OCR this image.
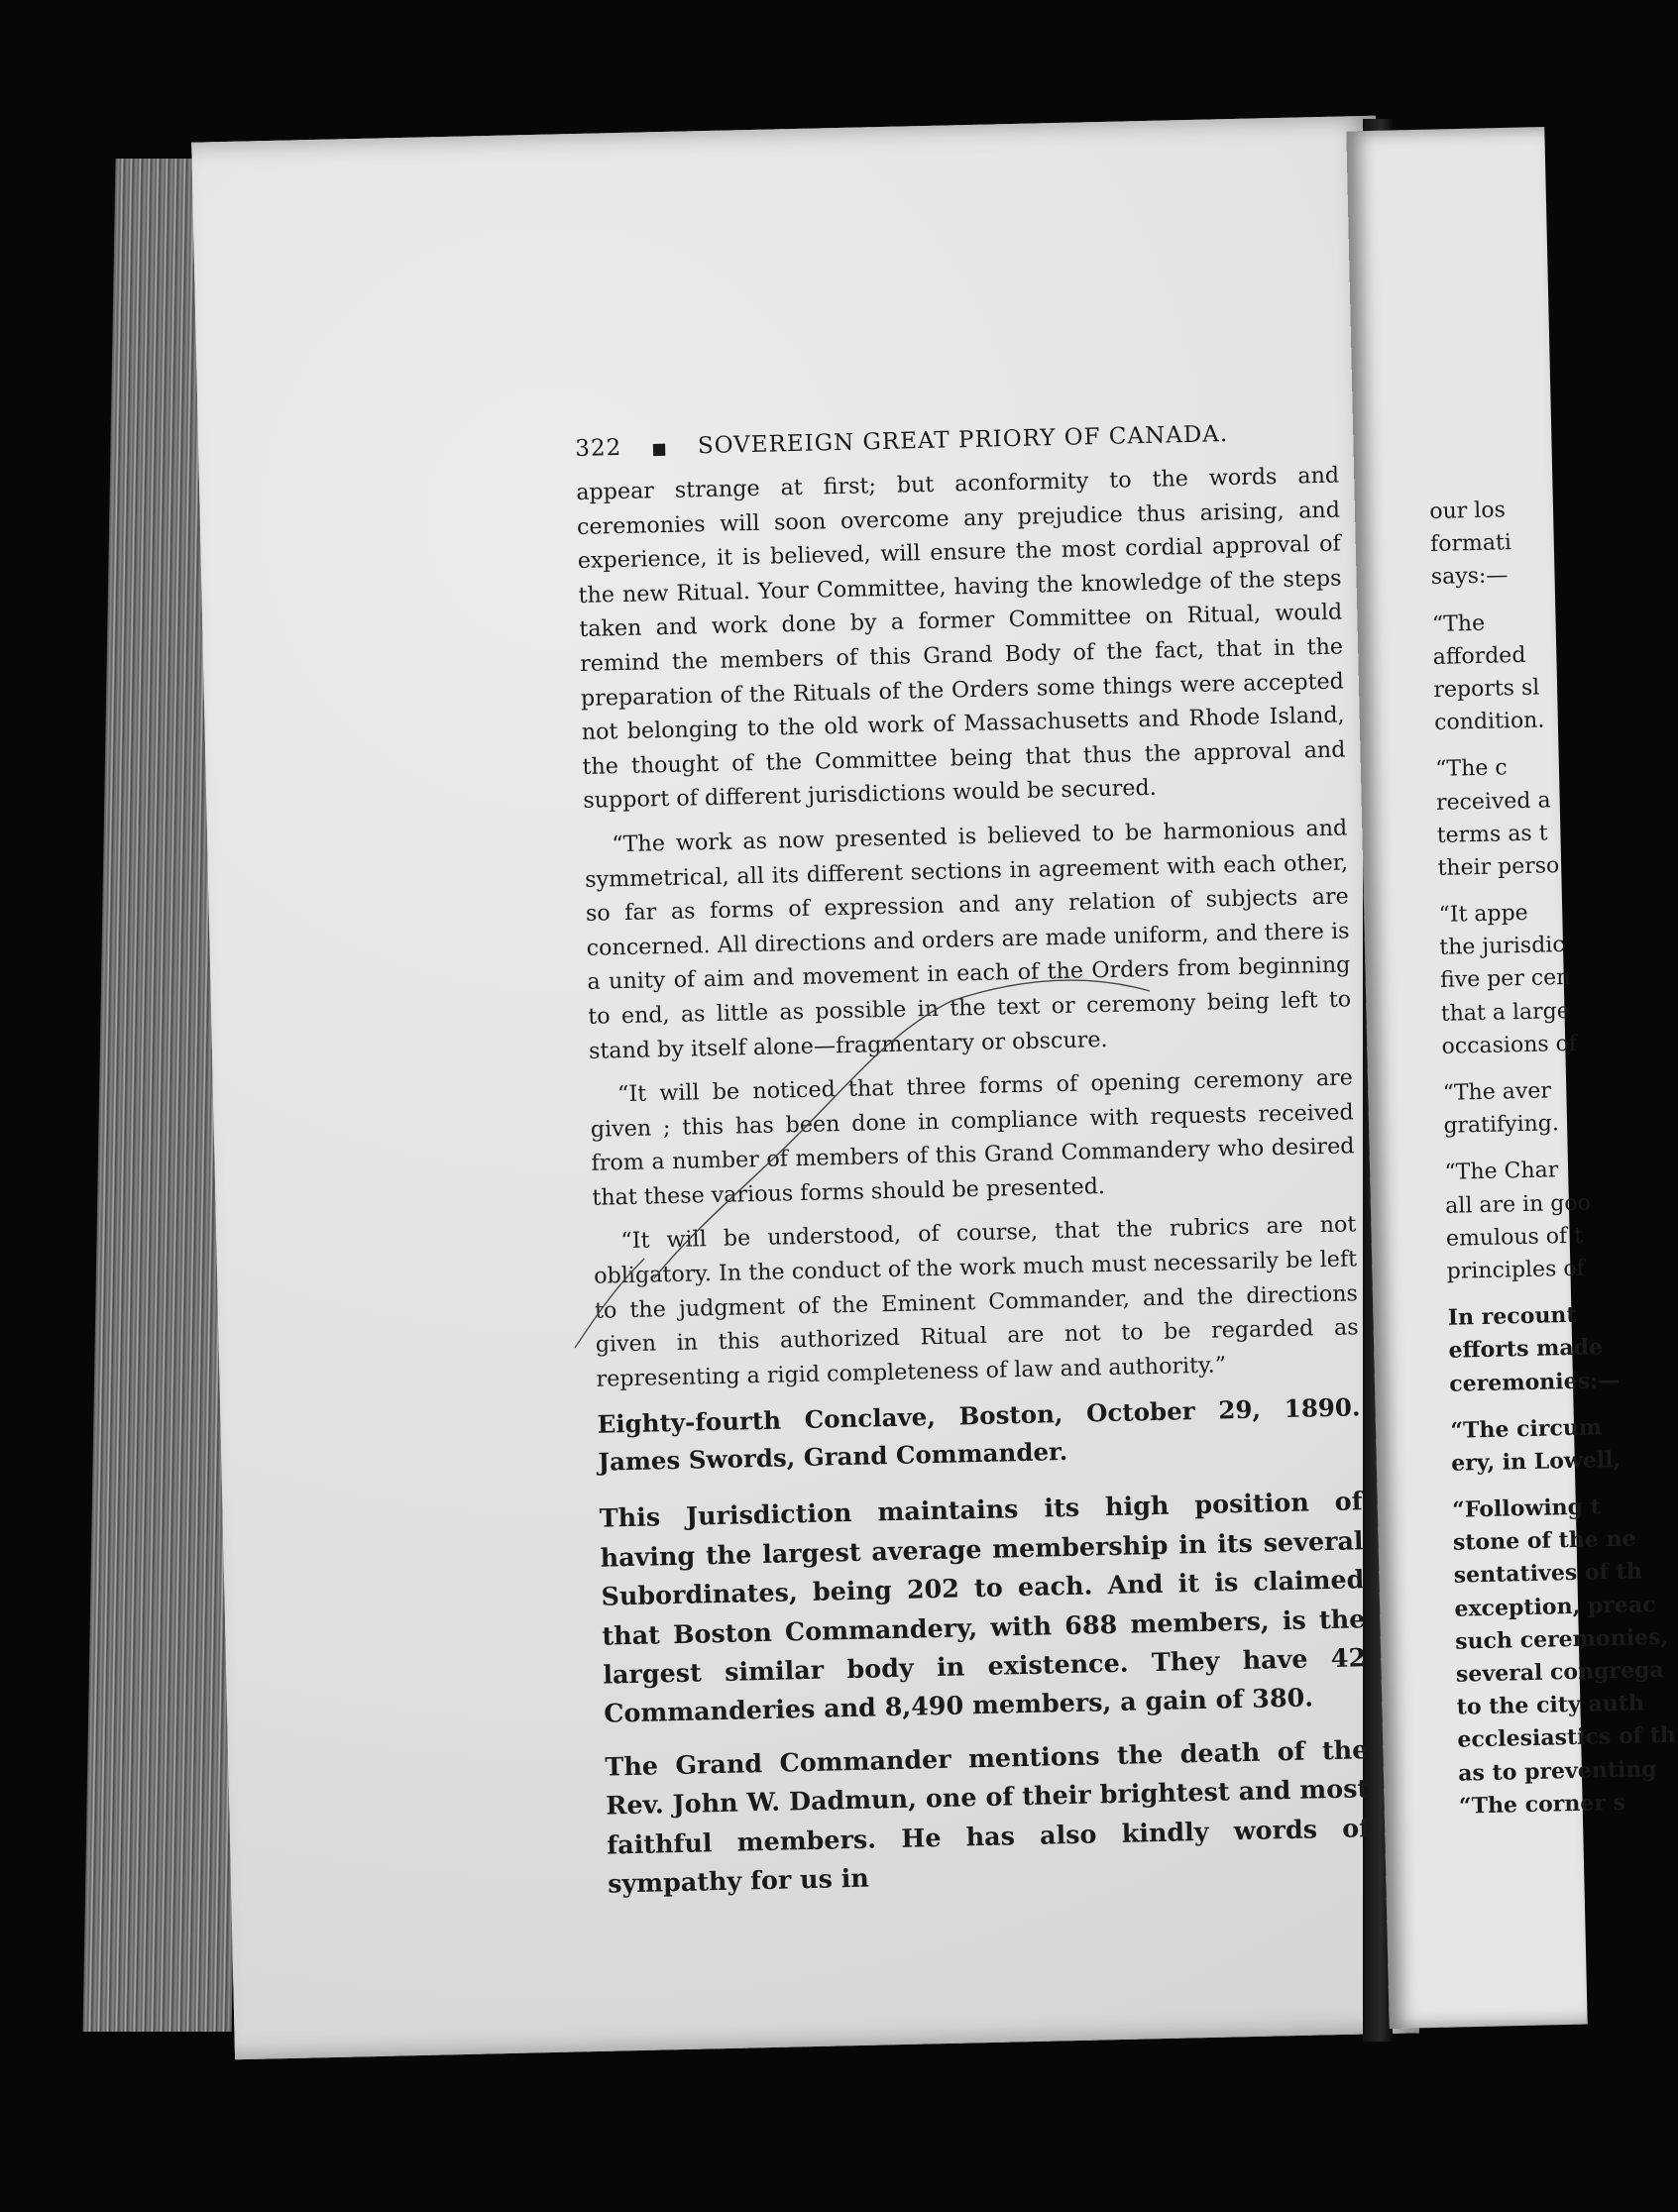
322 ■ SOVEREIGN GREAT PRIORY OF CANADA.

appear strange at first; but aconformity to the words and ceremonies will soon overcome any prejudice thus arising, and experience, it is believed, will ensure the most cordial approval of the new Ritual. Your Committee, having the knowledge of the steps taken and work done by a former Committee on Ritual, would remind the members of this Grand Body of the fact, that in the preparation of the Rituals of the Orders some things were accepted not belonging to the old work of Massachusetts and Rhode Island, the thought of the Committee being that thus the approval and support of different jurisdictions would be secured.

“The work as now presented is believed to be harmonious and symmetrical, all its different sections in agreement with each other, so far as forms of expression and any relation of subjects are concerned. All directions and orders are made uniform, and there is a unity of aim and movement in each of the Orders from beginning to end, as little as possible in the text or ceremony being left to stand by itself alone—fragmentary or obscure.

“It will be noticed that three forms of opening ceremony are given ; this has been done in compliance with requests received from a number of members of this Grand Commandery who desired that these various forms should be presented.

“It will be understood, of course, that the rubrics are not obligatory. In the conduct of the work much must necessarily be left to the judgment of the Eminent Commander, and the directions given in this authorized Ritual are not to be regarded as representing a rigid completeness of law and authority.”

Eighty-fourth Conclave, Boston, October 29, 1890. James Swords, Grand Commander.

This Jurisdiction maintains its high position of having the largest average membership in its several Subordinates, being 202 to each. And it is claimed that Boston Commandery, with 688 members, is the largest similar body in existence. They have 42 Commanderies and 8,490 members, a gain of 380.

The Grand Commander mentions the death of the Rev. John W. Dadmun, one of their brightest and most faithful members. He has also kindly words of sympathy for us in

our los
formati
says:—
“The
afforded
reports sl
condition.
“The c
received a
terms as t
their perso
“It appe
the jurisdic
five per cen
that a large
occasions of
“The aver
gratifying.
“The Char
all are in goo
emulous of t
principles of
In recount
efforts made
ceremonies:—
“The circum
ery, in Lowell,
“Following t
stone of the ne
sentatives of th
exception, preac
such ceremonies,
several congrega
to the city auth
ecclesiastics of th
as to preventing
“The corner s
